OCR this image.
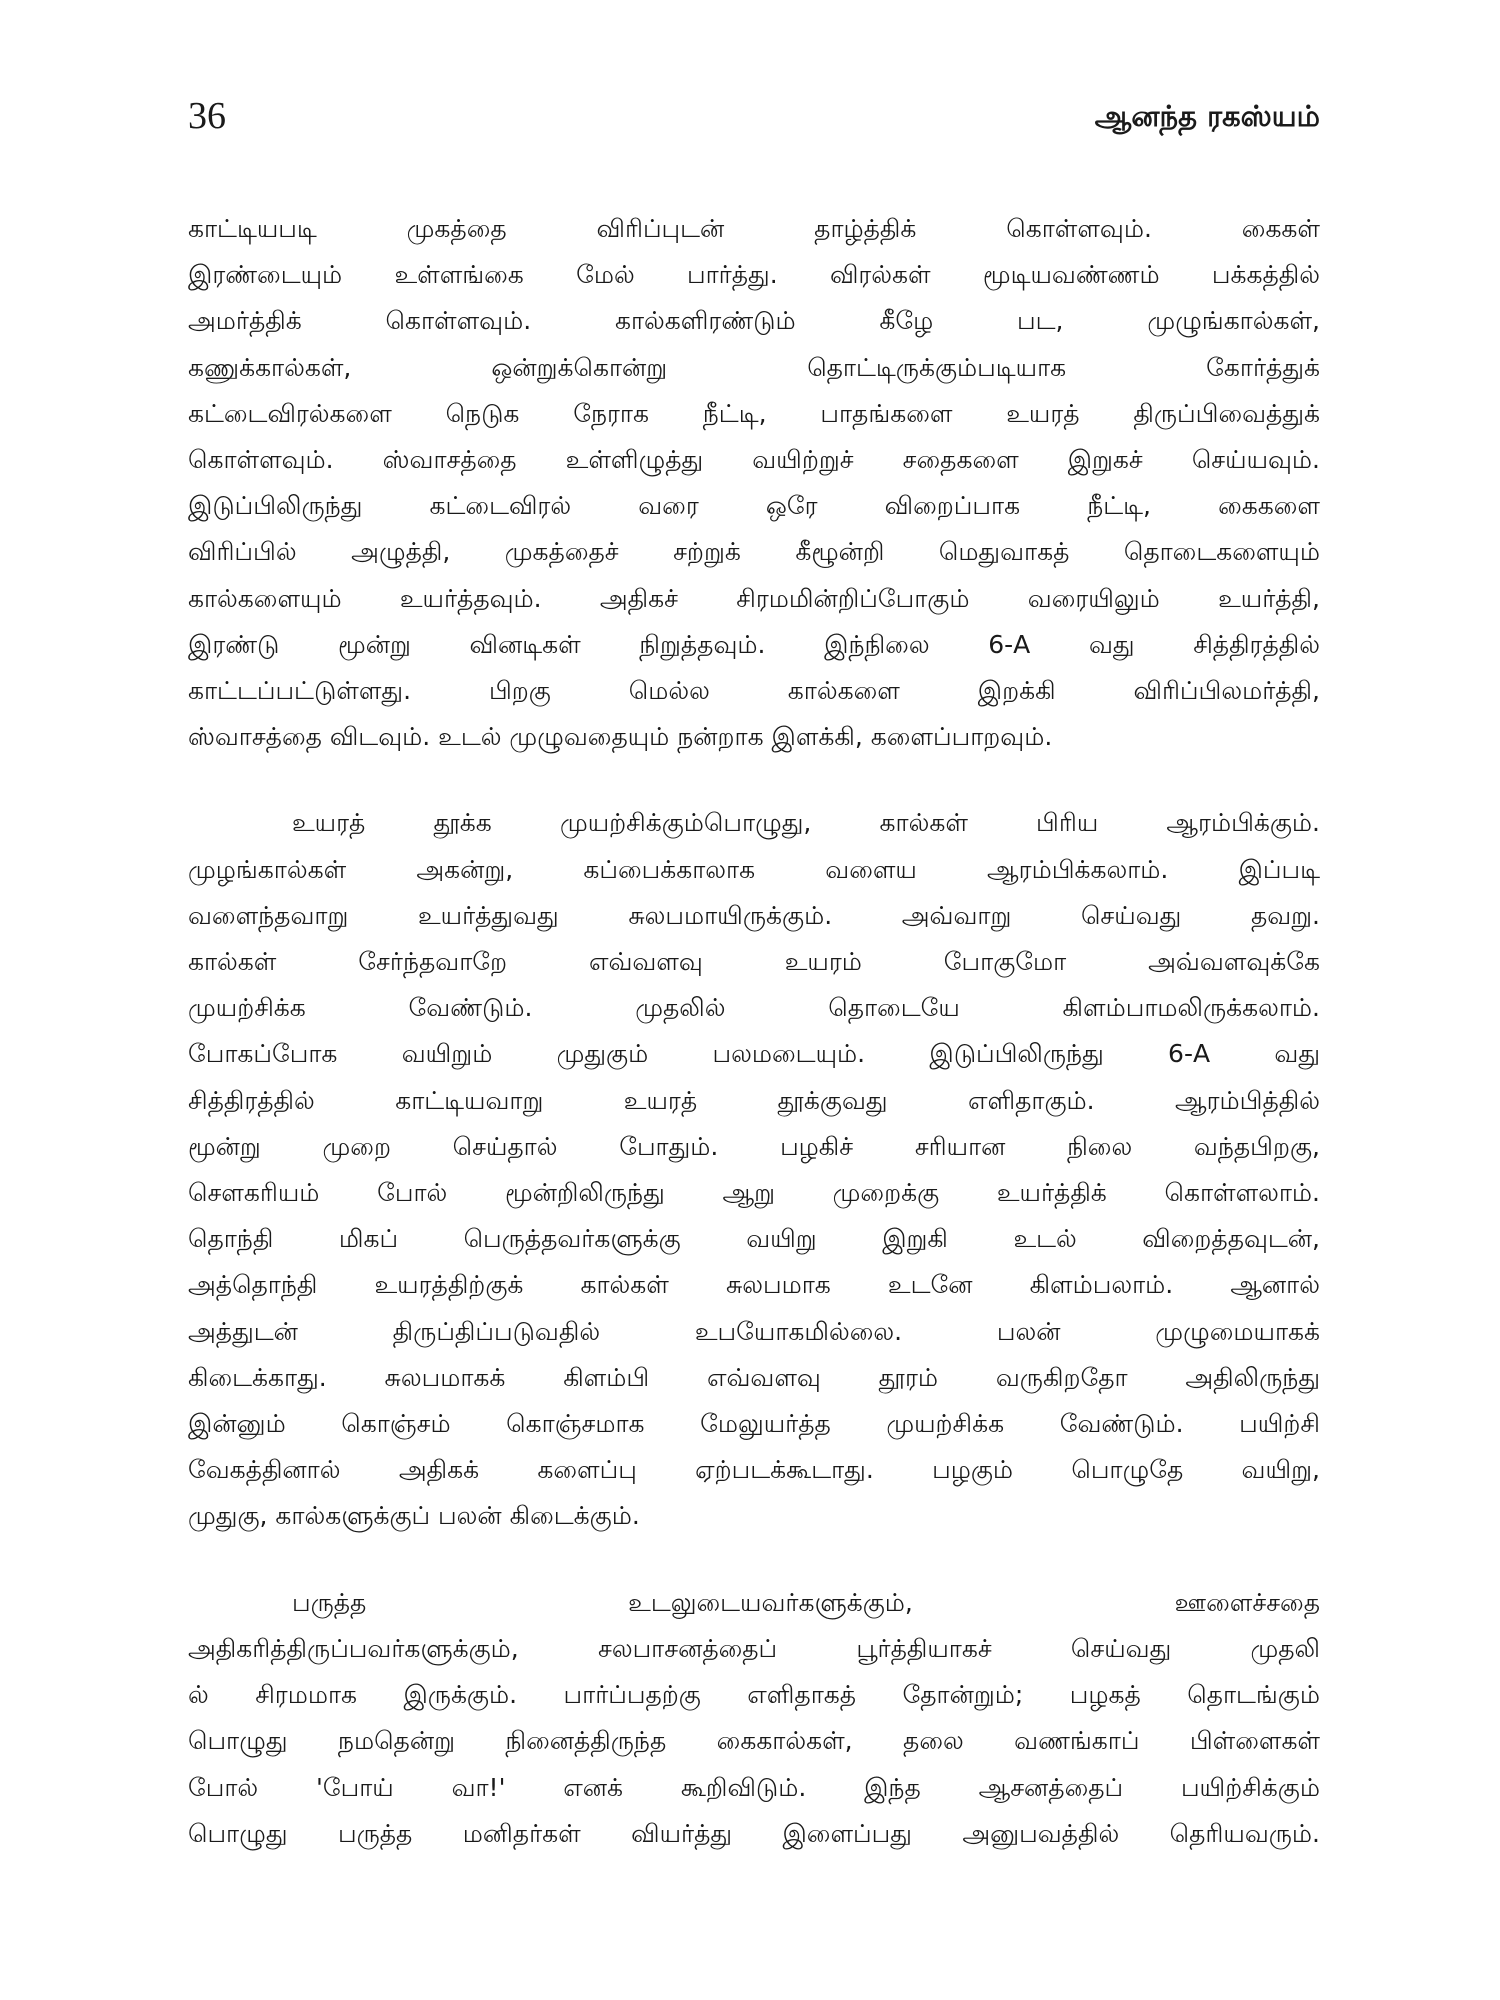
36	ஆனந்த ரகஸ்யம்

காட்டியபடி முகத்தை விரிப்புடன் தாழ்த்திக் கொள்ளவும். கைகள்
இரண்டையும் உள்ளங்கை மேல் பார்த்து. விரல்கள் மூடியவண்ணம் பக்கத்தில்
அமர்த்திக் கொள்ளவும். கால்களிரண்டும் கீழே பட, முழுங்கால்கள்,
கணுக்கால்கள், ஒன்றுக்கொன்று தொட்டிருக்கும்படியாக கோர்த்துக்
கட்டைவிரல்களை நெடுக நேராக நீட்டி, பாதங்களை உயரத் திருப்பிவைத்துக்
கொள்ளவும். ஸ்வாசத்தை உள்ளிழுத்து வயிற்றுச் சதைகளை இறுகச் செய்யவும்.
இடுப்பிலிருந்து கட்டைவிரல் வரை ஒரே விறைப்பாக நீட்டி, கைகளை
விரிப்பில் அழுத்தி, முகத்தைச் சற்றுக் கீழூன்றி மெதுவாகத் தொடைகளையும்
கால்களையும் உயர்த்தவும். அதிகச் சிரமமின்றிப்போகும் வரையிலும் உயர்த்தி,
இரண்டு மூன்று வினடிகள் நிறுத்தவும். இந்நிலை 6-A வது சித்திரத்தில்
காட்டப்பட்டுள்ளது. பிறகு மெல்ல கால்களை இறக்கி விரிப்பிலமர்த்தி,
ஸ்வாசத்தை விடவும். உடல் முழுவதையும் நன்றாக இளக்கி, களைப்பாறவும்.

உயரத் தூக்க முயற்சிக்கும்பொழுது, கால்கள் பிரிய ஆரம்பிக்கும்.
முழங்கால்கள் அகன்று, கப்பைக்காலாக வளைய ஆரம்பிக்கலாம். இப்படி
வளைந்தவாறு உயர்த்துவது சுலபமாயிருக்கும். அவ்வாறு செய்வது தவறு.
கால்கள் சேர்ந்தவாறே எவ்வளவு உயரம் போகுமோ அவ்வளவுக்கே
முயற்சிக்க வேண்டும். முதலில் தொடையே கிளம்பாமலிருக்கலாம்.
போகப்போக வயிறும் முதுகும் பலமடையும். இடுப்பிலிருந்து 6-A வது
சித்திரத்தில் காட்டியவாறு உயரத் தூக்குவது எளிதாகும். ஆரம்பித்தில்
மூன்று முறை செய்தால் போதும். பழகிச் சரியான நிலை வந்தபிறகு,
சௌகரியம் போல் மூன்றிலிருந்து ஆறு முறைக்கு உயர்த்திக் கொள்ளலாம்.
தொந்தி மிகப் பெருத்தவர்களுக்கு வயிறு இறுகி உடல் விறைத்தவுடன்,
அத்தொந்தி உயரத்திற்குக் கால்கள் சுலபமாக உடனே கிளம்பலாம். ஆனால்
அத்துடன் திருப்திப்படுவதில் உபயோகமில்லை. பலன் முழுமையாகக்
கிடைக்காது. சுலபமாகக் கிளம்பி எவ்வளவு தூரம் வருகிறதோ அதிலிருந்து
இன்னும் கொஞ்சம் கொஞ்சமாக மேலுயர்த்த முயற்சிக்க வேண்டும். பயிற்சி
வேகத்தினால் அதிகக் களைப்பு ஏற்படக்கூடாது. பழகும் பொழுதே வயிறு,
முதுகு, கால்களுக்குப் பலன் கிடைக்கும்.

பருத்த உடலுடையவர்களுக்கும், ஊளைச்சதை
அதிகரித்திருப்பவர்களுக்கும், சலபாசனத்தைப் பூர்த்தியாகச் செய்வது முதலி
ல் சிரமமாக இருக்கும். பார்ப்பதற்கு எளிதாகத் தோன்றும்; பழகத் தொடங்கும்
பொழுது நமதென்று நினைத்திருந்த கைகால்கள், தலை வணங்காப் பிள்ளைகள்
போல் 'போய் வா!' எனக் கூறிவிடும். இந்த ஆசனத்தைப் பயிற்சிக்கும்
பொழுது பருத்த மனிதர்கள் வியர்த்து இளைப்பது அனுபவத்தில் தெரியவரும்.
